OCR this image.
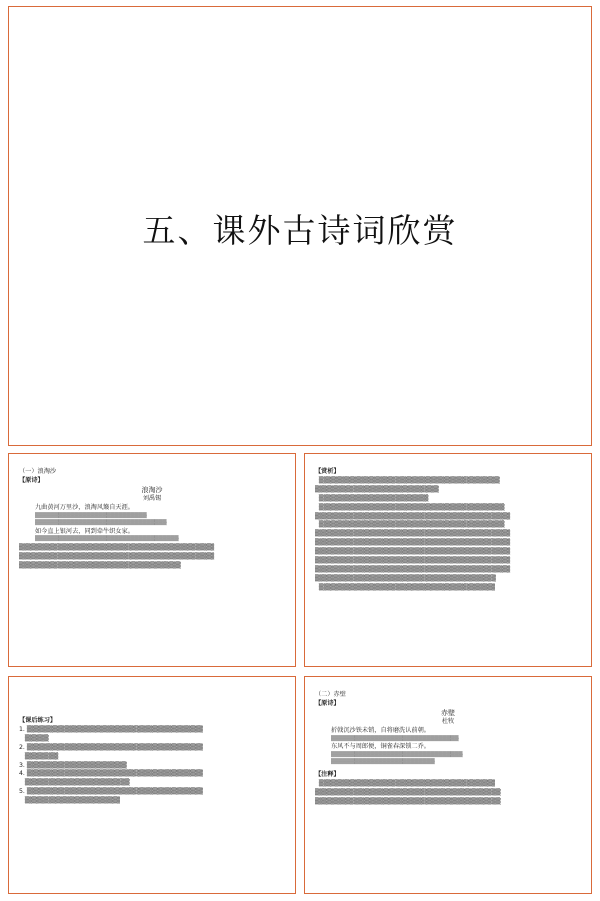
五、课外古诗词欣赏

（一）浪淘沙

【原诗】

浪淘沙

刘禹锡

九曲黄河万里沙，浪淘风簸自天涯。

▒▒▒▒▒▒▒▒▒▒▒▒▒▒▒▒▒▒▒▒▒▒▒▒▒▒▒▒

▒▒▒▒▒▒▒▒▒▒▒▒▒▒▒▒▒▒▒▒▒▒▒▒▒▒▒▒▒▒▒▒▒

如今直上银河去，同到牵牛织女家。

▒▒▒▒▒▒▒▒▒▒▒▒▒▒▒▒▒▒▒▒▒▒▒▒▒▒▒▒▒▒▒▒▒▒▒▒

▒▒▒▒▒▒▒▒▒▒▒▒▒▒▒▒▒▒▒▒▒▒▒▒▒▒▒▒▒▒▒▒▒▒▒▒▒▒▒▒▒

▒▒▒▒▒▒▒▒▒▒▒▒▒▒▒▒▒▒▒▒▒▒▒▒▒▒▒▒▒▒▒▒▒▒▒▒▒▒▒▒▒

▒▒▒▒▒▒▒▒▒▒▒▒▒▒▒▒▒▒▒▒▒▒▒▒▒▒▒▒▒▒▒▒▒▒

【赏析】

▒▒▒▒▒▒▒▒▒▒▒▒▒▒▒▒▒▒▒▒▒▒▒▒▒▒▒▒▒▒▒▒▒▒▒▒▒▒

▒▒▒▒▒▒▒▒▒▒▒▒▒▒▒▒▒▒▒▒▒▒▒▒▒▒

▒▒▒▒▒▒▒▒▒▒▒▒▒▒▒▒▒▒▒▒▒▒▒

▒▒▒▒▒▒▒▒▒▒▒▒▒▒▒▒▒▒▒▒▒▒▒▒▒▒▒▒▒▒▒▒▒▒▒▒▒▒▒

▒▒▒▒▒▒▒▒▒▒▒▒▒▒▒▒▒▒▒▒▒▒▒▒▒▒▒▒▒▒▒▒▒▒▒▒▒▒▒▒▒

▒▒▒▒▒▒▒▒▒▒▒▒▒▒▒▒▒▒▒▒▒▒▒▒▒▒▒▒▒▒▒▒▒▒▒▒▒▒▒

▒▒▒▒▒▒▒▒▒▒▒▒▒▒▒▒▒▒▒▒▒▒▒▒▒▒▒▒▒▒▒▒▒▒▒▒▒▒▒▒▒

▒▒▒▒▒▒▒▒▒▒▒▒▒▒▒▒▒▒▒▒▒▒▒▒▒▒▒▒▒▒▒▒▒▒▒▒▒▒▒▒▒

▒▒▒▒▒▒▒▒▒▒▒▒▒▒▒▒▒▒▒▒▒▒▒▒▒▒▒▒▒▒▒▒▒▒▒▒▒▒▒▒▒

▒▒▒▒▒▒▒▒▒▒▒▒▒▒▒▒▒▒▒▒▒▒▒▒▒▒▒▒▒▒▒▒▒▒▒▒▒▒▒▒▒

▒▒▒▒▒▒▒▒▒▒▒▒▒▒▒▒▒▒▒▒▒▒▒▒▒▒▒▒▒▒▒▒▒▒▒▒▒▒▒▒▒

▒▒▒▒▒▒▒▒▒▒▒▒▒▒▒▒▒▒▒▒▒▒▒▒▒▒▒▒▒▒▒▒▒▒▒▒▒▒

▒▒▒▒▒▒▒▒▒▒▒▒▒▒▒▒▒▒▒▒▒▒▒▒▒▒▒▒▒▒▒▒▒▒▒▒▒

【课后练习】

1. ▒▒▒▒▒▒▒▒▒▒▒▒▒▒▒▒▒▒▒▒▒▒▒▒▒▒▒▒▒▒▒▒▒▒▒▒▒

▒▒▒▒▒

2. ▒▒▒▒▒▒▒▒▒▒▒▒▒▒▒▒▒▒▒▒▒▒▒▒▒▒▒▒▒▒▒▒▒▒▒▒▒

▒▒▒▒▒▒▒

3. ▒▒▒▒▒▒▒▒▒▒▒▒▒▒▒▒▒▒▒▒▒

4. ▒▒▒▒▒▒▒▒▒▒▒▒▒▒▒▒▒▒▒▒▒▒▒▒▒▒▒▒▒▒▒▒▒▒▒▒▒

▒▒▒▒▒▒▒▒▒▒▒▒▒▒▒▒▒▒▒▒▒▒

5. ▒▒▒▒▒▒▒▒▒▒▒▒▒▒▒▒▒▒▒▒▒▒▒▒▒▒▒▒▒▒▒▒▒▒▒▒▒

▒▒▒▒▒▒▒▒▒▒▒▒▒▒▒▒▒▒▒▒

（二）赤壁

【原诗】

赤壁

杜牧

折戟沉沙铁未销，自将磨洗认前朝。

▒▒▒▒▒▒▒▒▒▒▒▒▒▒▒▒▒▒▒▒▒▒▒▒▒▒▒▒▒▒▒▒

东风不与周郎便，铜雀春深锁二乔。

▒▒▒▒▒▒▒▒▒▒▒▒▒▒▒▒▒▒▒▒▒▒▒▒▒▒▒▒▒▒▒▒▒

▒▒▒▒▒▒▒▒▒▒▒▒▒▒▒▒▒▒▒▒▒▒▒▒▒▒

【注释】

▒▒▒▒▒▒▒▒▒▒▒▒▒▒▒▒▒▒▒▒▒▒▒▒▒▒▒▒▒▒▒▒▒▒▒▒▒

▒▒▒▒▒▒▒▒▒▒▒▒▒▒▒▒▒▒▒▒▒▒▒▒▒▒▒▒▒▒▒▒▒▒▒▒▒▒▒

▒▒▒▒▒▒▒▒▒▒▒▒▒▒▒▒▒▒▒▒▒▒▒▒▒▒▒▒▒▒▒▒▒▒▒▒▒▒▒
